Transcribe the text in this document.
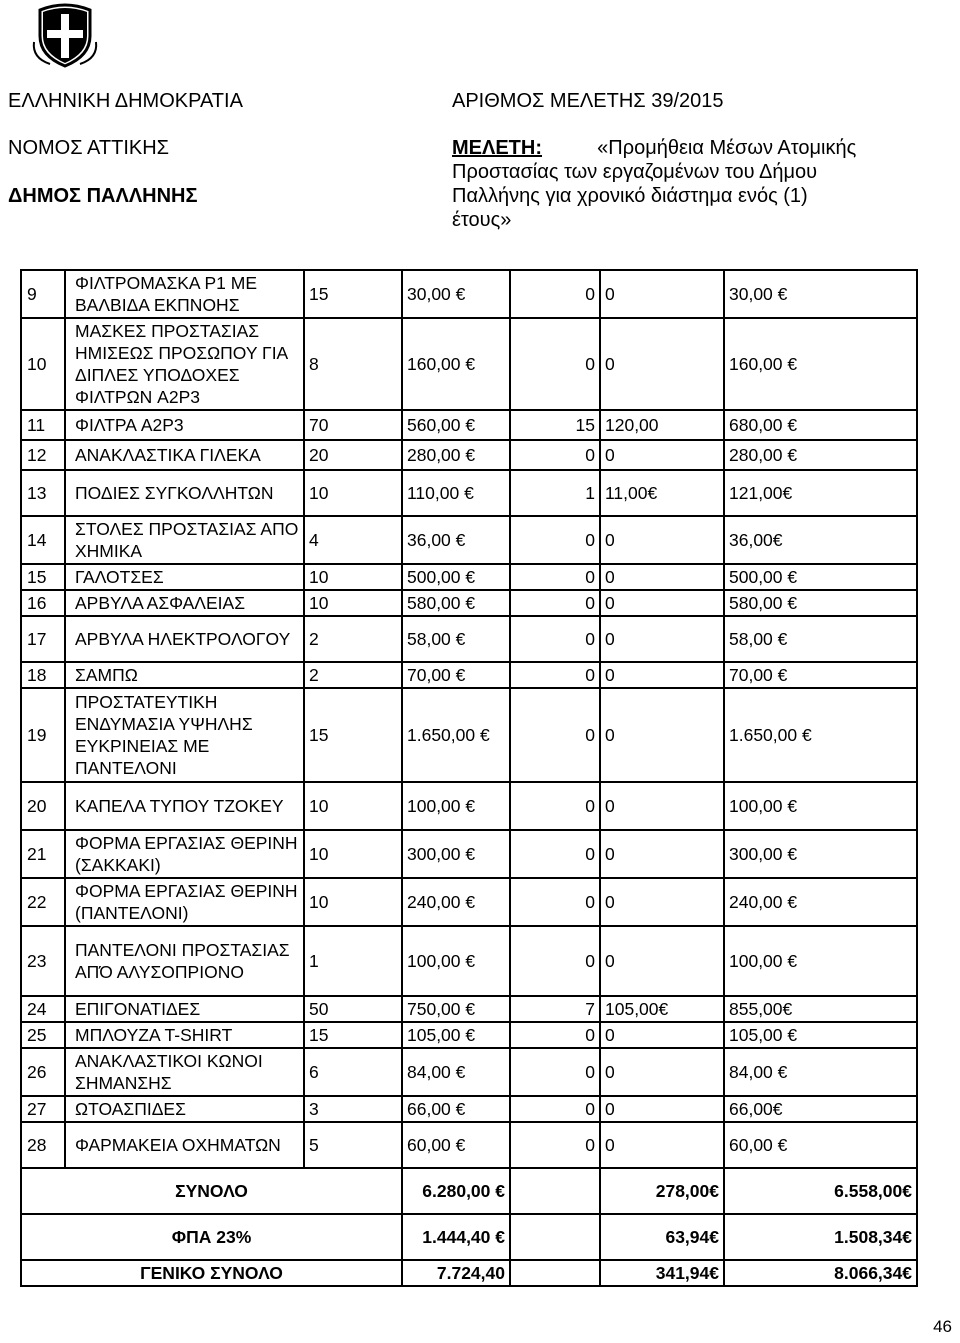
ΕΛΛΗΝΙΚΗ ΔΗΜΟΚΡΑΤΙΑ
ΝΟΜΟΣ ΑΤΤΙΚΗΣ
ΔΗΜΟΣ ΠΑΛΛΗΝΗΣ
ΑΡΙΘΜΟΣ ΜΕΛΕΤΗΣ 39/2015
ΜΕΛΕΤΗ:	«Προμήθεια Μέσων Ατομικής
Προστασίας των εργαζομένων του Δήμου
Παλλήνης για χρονικό διάστημα ενός (1)
έτους»
9	ΦΙΛΤΡΟΜΑΣΚΑ P1 ΜΕ ΒΑΛΒΙΔΑ ΕΚΠΝΟΗΣ	15	30,00 €	0	0	30,00 €
10	ΜΑΣΚΕΣ ΠΡΟΣΤΑΣΙΑΣ ΗΜΙΣΕΩΣ ΠΡΟΣΩΠΟΥ ΓΙΑ ΔΙΠΛΕΣ ΥΠΟΔΟΧΕΣ ΦΙΛΤΡΩΝ A2P3	8	160,00 €	0	0	160,00 €
11	ΦΙΛΤΡΑ A2P3	70	560,00 €	15	120,00	680,00 €
12	ΑΝΑΚΛΑΣΤΙΚΑ ΓΙΛΕΚΑ	20	280,00 €	0	0	280,00 €
13	ΠΟΔΙΕΣ ΣΥΓΚΟΛΛΗΤΩΝ	10	110,00 €	1	11,00€	121,00€
14	ΣΤΟΛΕΣ ΠΡΟΣΤΑΣΙΑΣ ΑΠΟ ΧΗΜΙΚΑ	4	36,00 €	0	0	36,00€
15	ΓΑΛΟΤΣΕΣ	10	500,00 €	0	0	500,00 €
16	ΑΡΒΥΛΑ ΑΣΦΑΛΕΙΑΣ	10	580,00 €	0	0	580,00 €
17	ΑΡΒΥΛΑ ΗΛΕΚΤΡΟΛΟΓΟΥ	2	58,00 €	0	0	58,00 €
18	ΣΑΜΠΩ	2	70,00 €	0	0	70,00 €
19	ΠΡΟΣΤΑΤΕΥΤΙΚΗ ΕΝΔΥΜΑΣΙΑ ΥΨΗΛΗΣ ΕΥΚΡΙΝΕΙΑΣ ΜΕ ΠΑΝΤΕΛΟΝΙ	15	1.650,00 €	0	0	1.650,00 €
20	ΚΑΠΕΛΑ ΤΥΠΟΥ ΤΖΟΚΕΥ	10	100,00 €	0	0	100,00 €
21	ΦΟΡΜΑ ΕΡΓΑΣΙΑΣ ΘΕΡΙΝΗ (ΣΑΚΚΑΚΙ)	10	300,00 €	0	0	300,00 €
22	ΦΟΡΜΑ ΕΡΓΑΣΙΑΣ ΘΕΡΙΝΗ (ΠΑΝΤΕΛΟΝΙ)	10	240,00 €	0	0	240,00 €
23	ΠΑΝΤΕΛΟΝΙ ΠΡΟΣΤΑΣΙΑΣ ΑΠΌ ΑΛΥΣΟΠΡΙΟΝΟ	1	100,00 €	0	0	100,00 €
24	ΕΠΙΓΟΝΑΤΙΔΕΣ	50	750,00 €	7	105,00€	855,00€
25	ΜΠΛΟΥΖΑ T-SHIRT	15	105,00 €	0	0	105,00 €
26	ΑΝΑΚΛΑΣΤΙΚΟΙ ΚΩΝΟΙ ΣΗΜΑΝΣΗΣ	6	84,00 €	0	0	84,00 €
27	ΩΤΟΑΣΠΙΔΕΣ	3	66,00 €	0	0	66,00€
28	ΦΑΡΜΑΚΕΙΑ ΟΧΗΜΑΤΩΝ	5	60,00 €	0	0	60,00 €
ΣΥΝΟΛΟ			6.280,00 €		278,00€	6.558,00€
ΦΠΑ 23%			1.444,40 €		63,94€	1.508,34€
ΓΕΝΙΚΟ ΣΥΝΟΛΟ			7.724,40		341,94€	8.066,34€
46
